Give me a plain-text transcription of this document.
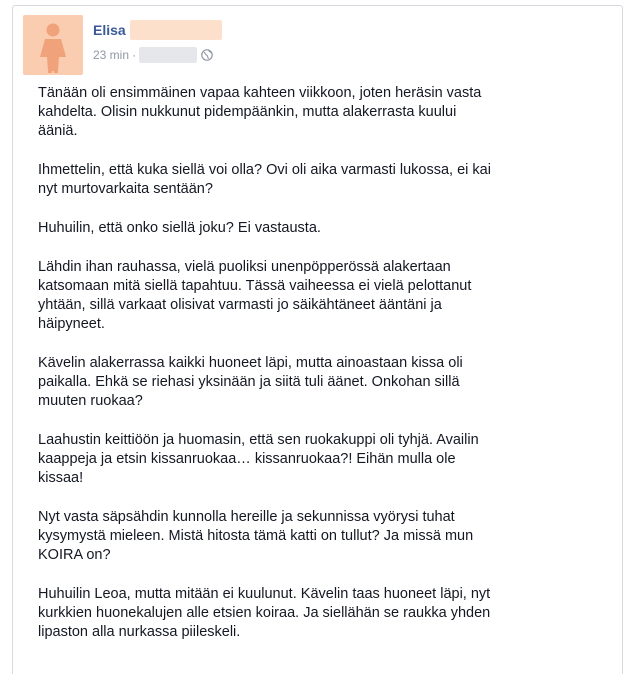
Elisa
23 min ·

Tänään oli ensimmäinen vapaa kahteen viikkoon, joten heräsin vasta
kahdelta. Olisin nukkunut pidempäänkin, mutta alakerrasta kuului
ääniä.

Ihmettelin, että kuka siellä voi olla? Ovi oli aika varmasti lukossa, ei kai
nyt murtovarkaita sentään?

Huhuilin, että onko siellä joku? Ei vastausta.

Lähdin ihan rauhassa, vielä puoliksi unenpöpperössä alakertaan
katsomaan mitä siellä tapahtuu. Tässä vaiheessa ei vielä pelottanut
yhtään, sillä varkaat olisivat varmasti jo säikähtäneet ääntäni ja
häipyneet.

Kävelin alakerrassa kaikki huoneet läpi, mutta ainoastaan kissa oli
paikalla. Ehkä se riehasi yksinään ja siitä tuli äänet. Onkohan sillä
muuten ruokaa?

Laahustin keittiöön ja huomasin, että sen ruokakuppi oli tyhjä. Availin
kaappeja ja etsin kissanruokaa… kissanruokaa?! Eihän mulla ole
kissaa!

Nyt vasta säpsähdin kunnolla hereille ja sekunnissa vyörysi tuhat
kysymystä mieleen. Mistä hitosta tämä katti on tullut? Ja missä mun
KOIRA on?

Huhuilin Leoa, mutta mitään ei kuulunut. Kävelin taas huoneet läpi, nyt
kurkkien huonekalujen alle etsien koiraa. Ja siellähän se raukka yhden
lipaston alla nurkassa piileskeli.
